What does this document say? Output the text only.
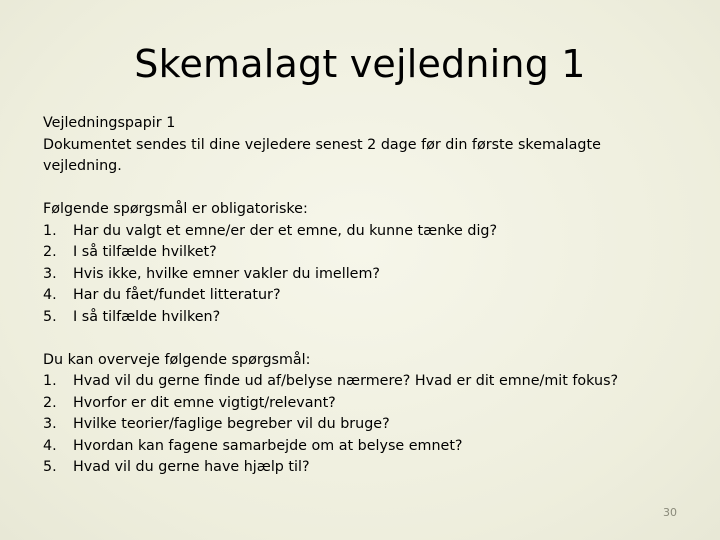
Skemalagt vejledning 1
Vejledningspapir 1
Dokumentet sendes til dine vejledere senest 2 dage før din første skemalagte vejledning.
Følgende spørgsmål er obligatoriske:
1.	Har du valgt et emne/er der et emne, du kunne tænke dig?
2.	I så tilfælde hvilket?
3.	Hvis ikke, hvilke emner vakler du imellem?
4.	Har du fået/fundet litteratur?
5.	I så tilfælde hvilken?
Du kan overveje følgende spørgsmål:
1.	Hvad vil du gerne finde ud af/belyse nærmere? Hvad er dit emne/mit fokus?
2.	Hvorfor er dit emne vigtigt/relevant?
3.	Hvilke teorier/faglige begreber vil du bruge?
4.	Hvordan kan fagene samarbejde om at belyse emnet?
5.	Hvad vil du gerne have hjælp til?
30
